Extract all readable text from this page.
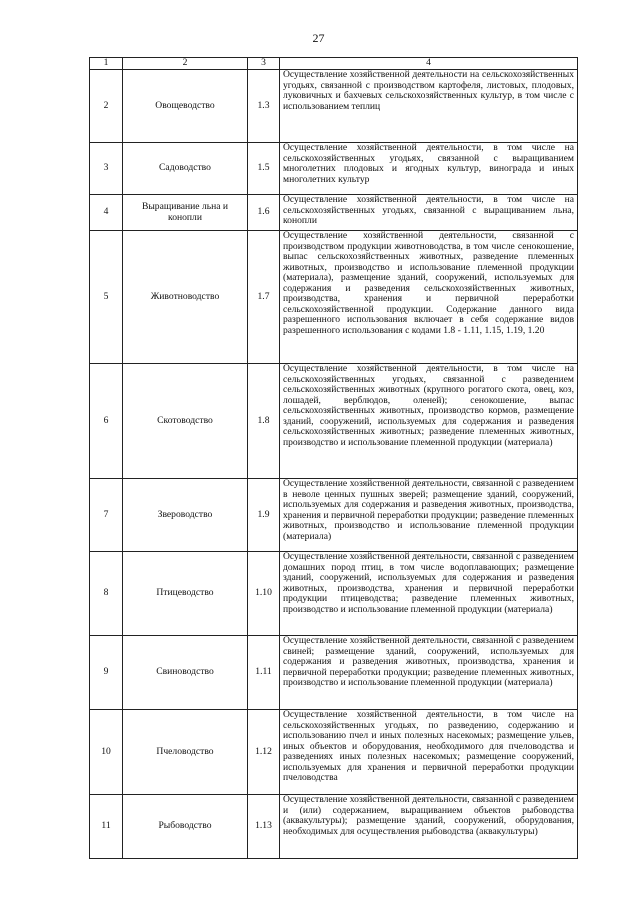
27
1	2	3	4
2	Овощеводство	1.3	Осуществление хозяйственной деятельности на сельскохозяйственных угодьях, связанной с производством картофеля, листовых, плодовых, луковичных и бахчевых сельскохозяйственных культур, в том числе с использованием теплиц
3	Садоводство	1.5	Осуществление хозяйственной деятельности, в том числе на сельскохозяйственных угодьях, связанной с выращиванием многолетних плодовых и ягодных культур, винограда и иных многолетних культур
4	Выращивание льна и конопли	1.6	Осуществление хозяйственной деятельности, в том числе на сельскохозяйственных угодьях, связанной с выращиванием льна, конопли
5	Животноводство	1.7	Осуществление хозяйственной деятельности, связанной с производством продукции животноводства, в том числе сенокошение, выпас сельскохозяйственных животных, разведение племенных животных, производство и использование племенной продукции (материала), размещение зданий, сооружений, используемых для содержания и разведения сельскохозяйственных животных, производства, хранения и первичной переработки сельскохозяйственной продукции. Содержание данного вида разрешенного использования включает в себя содержание видов разрешенного использования с кодами 1.8 - 1.11, 1.15, 1.19, 1.20
6	Скотоводство	1.8	Осуществление хозяйственной деятельности, в том числе на сельскохозяйственных угодьях, связанной с разведением сельскохозяйственных животных (крупного рогатого скота, овец, коз, лошадей, верблюдов, оленей); сенокошение, выпас сельскохозяйственных животных, производство кормов, размещение зданий, сооружений, используемых для содержания и разведения сельскохозяйственных животных; разведение племенных животных, производство и использование племенной продукции (материала)
7	Звероводство	1.9	Осуществление хозяйственной деятельности, связанной с разведением в неволе ценных пушных зверей; размещение зданий, сооружений, используемых для содержания и разведения животных, производства, хранения и первичной переработки продукции; разведение племенных животных, производство и использование племенной продукции (материала)
8	Птицеводство	1.10	Осуществление хозяйственной деятельности, связанной с разведением домашних пород птиц, в том числе водоплавающих; размещение зданий, сооружений, используемых для содержания и разведения животных, производства, хранения и первичной переработки продукции птицеводства; разведение племенных животных, производство и использование племенной продукции (материала)
9	Свиноводство	1.11	Осуществление хозяйственной деятельности, связанной с разведением свиней; размещение зданий, сооружений, используемых для содержания и разведения животных, производства, хранения и первичной переработки продукции; разведение племенных животных, производство и использование племенной продукции (материала)
10	Пчеловодство	1.12	Осуществление хозяйственной деятельности, в том числе на сельскохозяйственных угодьях, по разведению, содержанию и использованию пчел и иных полезных насекомых; размещение ульев, иных объектов и оборудования, необходимого для пчеловодства и разведениях иных полезных насекомых; размещение сооружений, используемых для хранения и первичной переработки продукции пчеловодства
11	Рыбоводство	1.13	Осуществление хозяйственной деятельности, связанной с разведением и (или) содержанием, выращиванием объектов рыбоводства (аквакультуры); размещение зданий, сооружений, оборудования, необходимых для осуществления рыбоводства (аквакультуры)
